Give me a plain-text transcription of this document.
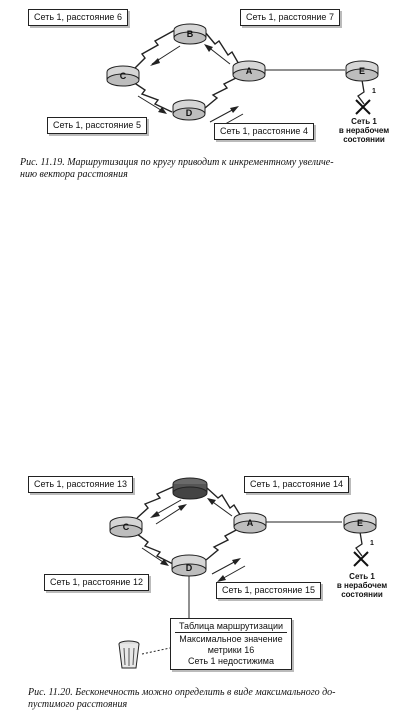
B
C	A
D
E
1
Сеть 1, расстояние 6	Сеть 1, расстояние 7
Сеть 1, расстояние 5
Сеть 1, расстояние 4
Сеть 1
в нерабочем
состоянии
Рис. 11.19. Маршрутизация по кругу приводит к инкрементному увеличе-
нию вектора расстояния
C	A
D
E
1
Сеть 1, расстояние 13	Сеть 1, расстояние 14
Сеть 1, расстояние 12
Сеть 1, расстояние 15
Сеть 1
в нерабочем
состоянии
Таблица маршрутизации
Максимальное значение
метрики 16
Сеть 1 недостижима
Рис. 11.20. Бесконечность можно определить в виде максимального до-
пустимого расстояния
